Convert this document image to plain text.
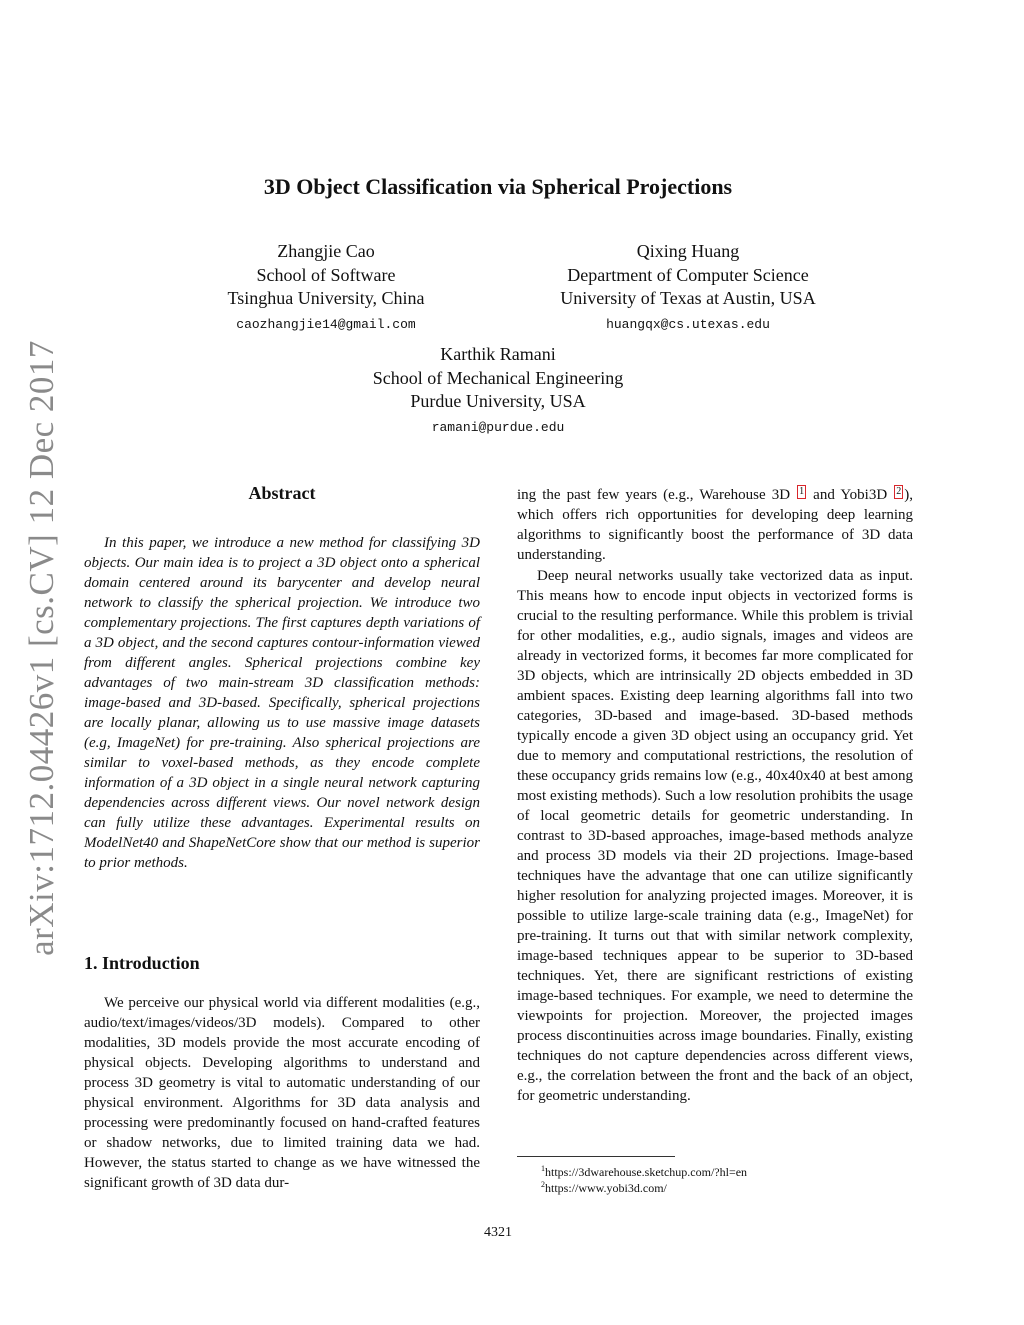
arXiv:1712.04426v1 [cs.CV] 12 Dec 2017
3D Object Classification via Spherical Projections
Zhangjie Cao
School of Software
Tsinghua University, China
caozhangjie14@gmail.com
Qixing Huang
Department of Computer Science
University of Texas at Austin, USA
huangqx@cs.utexas.edu
Karthik Ramani
School of Mechanical Engineering
Purdue University, USA
ramani@purdue.edu
Abstract

In this paper, we introduce a new method for classifying 3D objects. Our main idea is to project a 3D object onto a spherical domain centered around its barycenter and develop neural network to classify the spherical projection. We introduce two complementary projections. The first captures depth variations of a 3D object, and the second captures contour-information viewed from different angles. Spherical projections combine key advantages of two main-stream 3D classification methods: image-based and 3D-based. Specifically, spherical projections are locally planar, allowing us to use massive image datasets (e.g, ImageNet) for pre-training. Also spherical projections are similar to voxel-based methods, as they encode complete information of a 3D object in a single neural network capturing dependencies across different views. Our novel network design can fully utilize these advantages. Experimental results on ModelNet40 and ShapeNetCore show that our method is superior to prior methods.

1. Introduction

We perceive our physical world via different modalities (e.g., audio/text/images/videos/3D models). Compared to other modalities, 3D models provide the most accurate encoding of physical objects. Developing algorithms to understand and process 3D geometry is vital to automatic understanding of our physical environment. Algorithms for 3D data analysis and processing were predominantly focused on hand-crafted features or shadow networks, due to limited training data we had. However, the status started to change as we have witnessed the significant growth of 3D data dur-

ing the past few years (e.g., Warehouse 3D 1 and Yobi3D 2 ), which offers rich opportunities for developing deep learning algorithms to significantly boost the performance of 3D data understanding.

Deep neural networks usually take vectorized data as input. This means how to encode input objects in vectorized forms is crucial to the resulting performance. While this problem is trivial for other modalities, e.g., audio signals, images and videos are already in vectorized forms, it becomes far more complicated for 3D objects, which are intrinsically 2D objects embedded in 3D ambient spaces. Existing deep learning algorithms fall into two categories, 3D-based and image-based. 3D-based methods typically encode a given 3D object using an occupancy grid. Yet due to memory and computational restrictions, the resolution of these occupancy grids remains low (e.g., 40x40x40 at best among most existing methods). Such a low resolution prohibits the usage of local geometric details for geometric understanding. In contrast to 3D-based approaches, image-based methods analyze and process 3D models via their 2D projections. Image-based techniques have the advantage that one can utilize significantly higher resolution for analyzing projected images. Moreover, it is possible to utilize large-scale training data (e.g., ImageNet) for pre-training. It turns out that with similar network complexity, image-based techniques appear to be superior to 3D-based techniques. Yet, there are significant restrictions of existing image-based techniques. For example, we need to determine the viewpoints for projection. Moreover, the projected images process discontinuities across image boundaries. Finally, existing techniques do not capture dependencies across different views, e.g., the correlation between the front and the back of an object, for geometric understanding.

$^1$https://3dwarehouse.sketchup.com/?hl=en
$^2$https://www.yobi3d.com/
4321
